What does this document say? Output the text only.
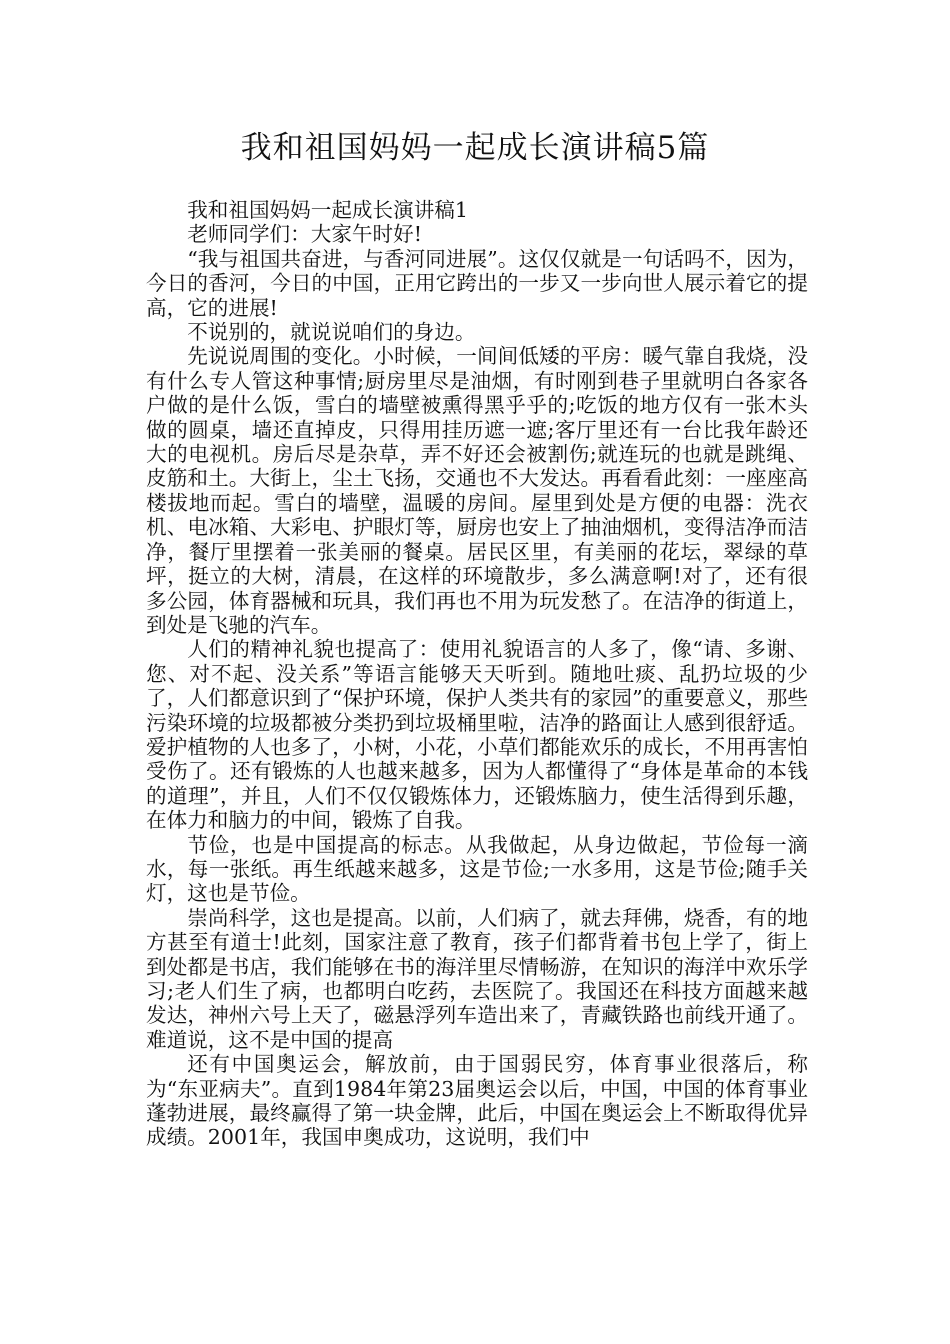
我和祖国妈妈一起成长演讲稿5篇

我和祖国妈妈一起成长演讲稿1

老师同学们：大家午时好!

“我与祖国共奋进，与香河同进展”。这仅仅就是一句话吗不，因为，今日的香河，今日的中国，正用它跨出的一步又一步向世人展示着它的提高，它的进展!

不说别的，就说说咱们的身边。

先说说周围的变化。小时候，一间间低矮的平房：暖气靠自我烧，没有什么专人管这种事情;厨房里尽是油烟，有时刚到巷子里就明白各家各户做的是什么饭，雪白的墙壁被熏得黑乎乎的;吃饭的地方仅有一张木头做的圆桌，墙还直掉皮，只得用挂历遮一遮;客厅里还有一台比我年龄还大的电视机。房后尽是杂草，弄不好还会被割伤;就连玩的也就是跳绳、皮筋和土。大街上，尘土飞扬，交通也不大发达。再看看此刻：一座座高楼拔地而起。雪白的墙壁，温暖的房间。屋里到处是方便的电器：洗衣机、电冰箱、大彩电、护眼灯等，厨房也安上了抽油烟机，变得洁净而洁净，餐厅里摆着一张美丽的餐桌。居民区里，有美丽的花坛，翠绿的草坪，挺立的大树，清晨，在这样的环境散步，多么满意啊!对了，还有很多公园，体育器械和玩具，我们再也不用为玩发愁了。在洁净的街道上，到处是飞驰的汽车。

人们的精神礼貌也提高了：使用礼貌语言的人多了，像“请、多谢、您、对不起、没关系”等语言能够天天听到。随地吐痰、乱扔垃圾的少了，人们都意识到了“保护环境，保护人类共有的家园”的重要意义，那些污染环境的垃圾都被分类扔到垃圾桶里啦，洁净的路面让人感到很舒适。爱护植物的人也多了，小树，小花，小草们都能欢乐的成长，不用再害怕受伤了。还有锻炼的人也越来越多，因为人都懂得了“身体是革命的本钱的道理”，并且，人们不仅仅锻炼体力，还锻炼脑力，使生活得到乐趣，在体力和脑力的中间，锻炼了自我。

节俭，也是中国提高的标志。从我做起，从身边做起，节俭每一滴水，每一张纸。再生纸越来越多，这是节俭;一水多用，这是节俭;随手关灯，这也是节俭。

崇尚科学，这也是提高。以前，人们病了，就去拜佛，烧香，有的地方甚至有道士!此刻，国家注意了教育，孩子们都背着书包上学了，街上到处都是书店，我们能够在书的海洋里尽情畅游，在知识的海洋中欢乐学习;老人们生了病，也都明白吃药，去医院了。我国还在科技方面越来越发达，神州六号上天了，磁悬浮列车造出来了，青藏铁路也前线开通了。难道说，这不是中国的提高

还有中国奥运会，解放前，由于国弱民穷，体育事业很落后，称为“东亚病夫”。直到1984年第23届奥运会以后，中国，中国的体育事业蓬勃进展，最终赢得了第一块金牌，此后，中国在奥运会上不断取得优异成绩。2001年，我国申奥成功，这说明，我们中
